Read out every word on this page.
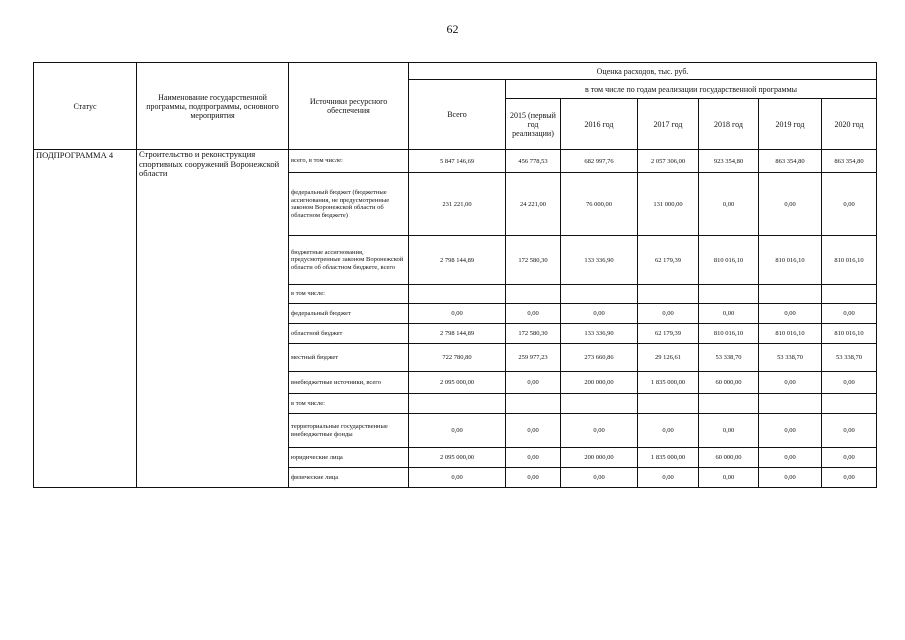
62
Статус	Наименование государственной программы, подпрограммы, основного мероприятия	Источники ресурсного обеспечения	Оценка расходов, тыс. руб.						
			Всего	в том числе по годам реализации государственной программы					
				2015 (первый год реализации)	2016 год	2017 год	2018 год	2019 год	2020 год
ПОДПРОГРАММА 4	Строительство и реконструкция спортивных сооружений Воронежской области	всего, в том числе:	5 847 146,69	456 778,53	682 997,76	2 057 306,00	923 354,80	863 354,80	863 354,80
		федеральный бюджет (бюджетные ассигнования, не предусмотренные законом Воронежской области об областном бюджете)	231 221,00	24 221,00	76 000,00	131 000,00	0,00	0,00	0,00
		бюджетные ассигнования, предусмотренные законом Воронежской области об областном бюджете, всего	2 798 144,89	172 580,30	133 336,90	62 179,39	810 016,10	810 016,10	810 016,10
		в том числе:							
		федеральный бюджет	0,00	0,00	0,00	0,00	0,00	0,00	0,00
		областной бюджет	2 798 144,89	172 580,30	133 336,90	62 179,39	810 016,10	810 016,10	810 016,10
		местный бюджет	722 780,80	259 977,23	273 660,86	29 126,61	53 338,70	53 338,70	53 338,70
		внебюджетные источники, всего	2 095 000,00	0,00	200 000,00	1 835 000,00	60 000,00	0,00	0,00
		в том числе:							
		территориальные государственные внебюджетные фонды	0,00	0,00	0,00	0,00	0,00	0,00	0,00
		юридические лица	2 095 000,00	0,00	200 000,00	1 835 000,00	60 000,00	0,00	0,00
		физические лица	0,00	0,00	0,00	0,00	0,00	0,00	0,00
